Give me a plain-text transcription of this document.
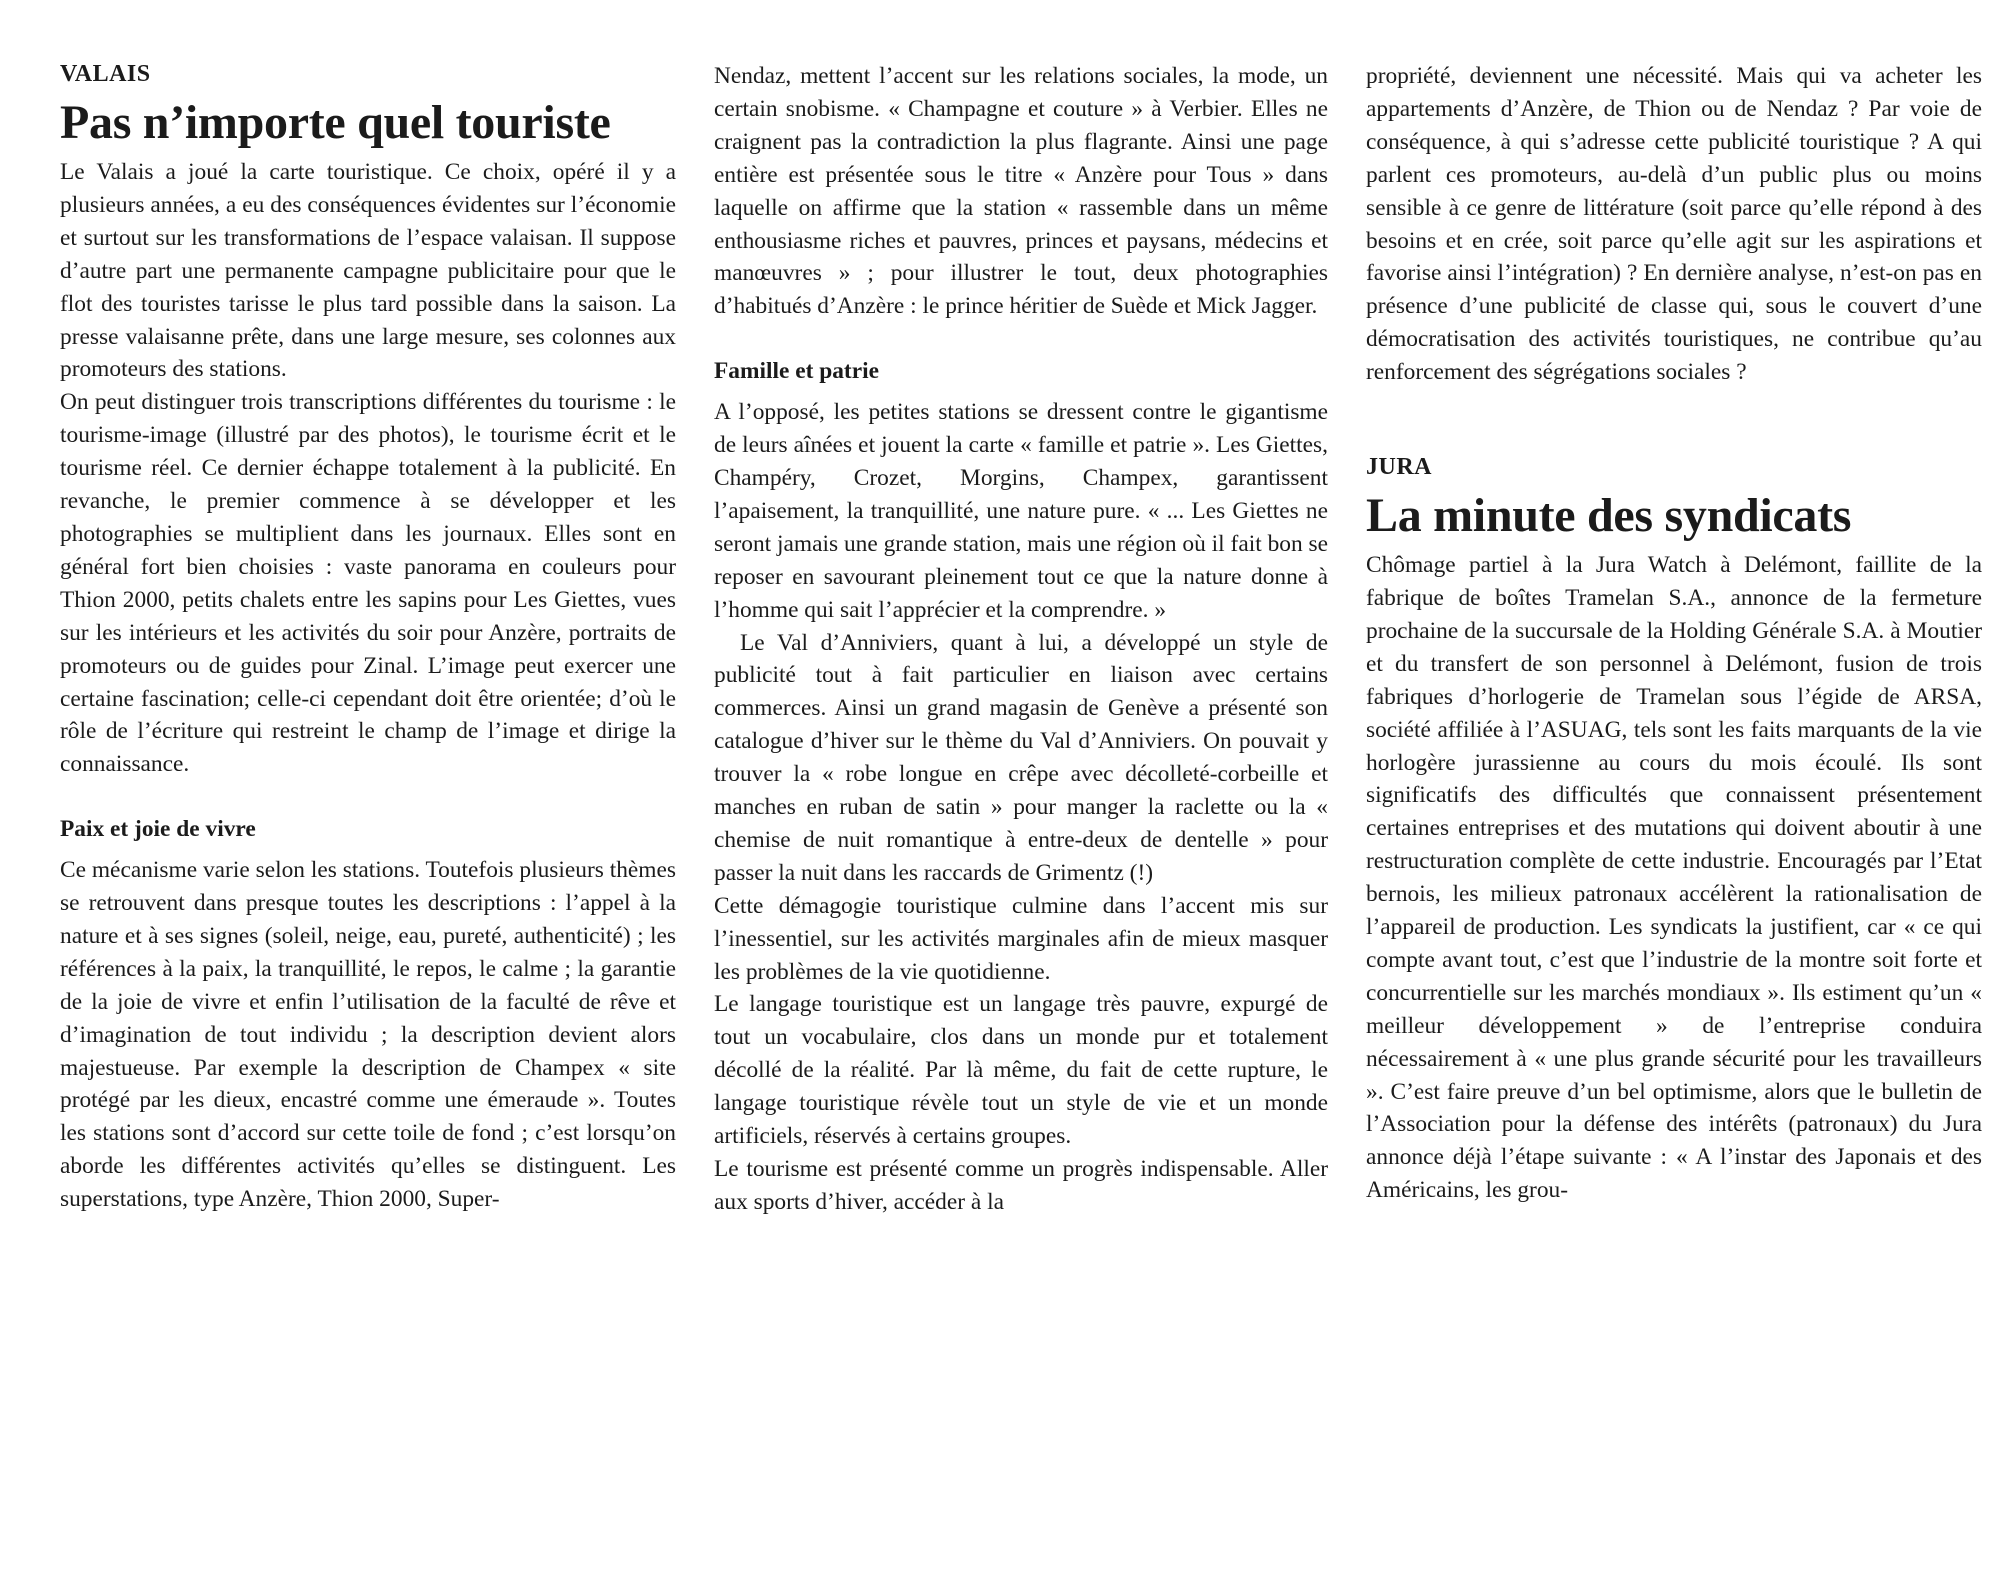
VALAIS
Pas n’importe quel touriste

Le Valais a joué la carte touristique. Ce choix, opéré il y a plusieurs années, a eu des conséquences évidentes sur l’économie et surtout sur les transformations de l’espace valaisan. Il suppose d’autre part une permanente campagne publicitaire pour que le flot des touristes tarisse le plus tard possible dans la saison. La presse valaisanne prête, dans une large mesure, ses colonnes aux promoteurs des stations.

On peut distinguer trois transcriptions différentes du tourisme : le tourisme-image (illustré par des photos), le tourisme écrit et le tourisme réel. Ce dernier échappe totalement à la publicité. En revanche, le premier commence à se développer et les photographies se multiplient dans les journaux. Elles sont en général fort bien choisies : vaste panorama en couleurs pour Thion 2000, petits chalets entre les sapins pour Les Giettes, vues sur les intérieurs et les activités du soir pour Anzère, portraits de promoteurs ou de guides pour Zinal. L’image peut exercer une certaine fascination; celle-ci cependant doit être orientée; d’où le rôle de l’écriture qui restreint le champ de l’image et dirige la connaissance.

Paix et joie de vivre

Ce mécanisme varie selon les stations. Toutefois plusieurs thèmes se retrouvent dans presque toutes les descriptions : l’appel à la nature et à ses signes (soleil, neige, eau, pureté, authenticité) ; les références à la paix, la tranquillité, le repos, le calme ; la garantie de la joie de vivre et enfin l’utilisation de la faculté de rêve et d’imagination de tout individu ; la description devient alors majestueuse. Par exemple la description de Champex « site protégé par les dieux, encastré comme une émeraude ». Toutes les stations sont d’accord sur cette toile de fond ; c’est lorsqu’on aborde les différentes activités qu’elles se distinguent. Les superstations, type Anzère, Thion 2000, Super-

Nendaz, mettent l’accent sur les relations sociales, la mode, un certain snobisme. « Champagne et couture » à Verbier. Elles ne craignent pas la contradiction la plus flagrante. Ainsi une page entière est présentée sous le titre « Anzère pour Tous » dans laquelle on affirme que la station « rassemble dans un même enthousiasme riches et pauvres, princes et paysans, médecins et manœuvres » ; pour illustrer le tout, deux photographies d’habitués d’Anzère : le prince héritier de Suède et Mick Jagger.

Famille et patrie

A l’opposé, les petites stations se dressent contre le gigantisme de leurs aînées et jouent la carte « famille et patrie ». Les Giettes, Champéry, Crozet, Morgins, Champex, garantissent l’apaisement, la tranquillité, une nature pure. « ... Les Giettes ne seront jamais une grande station, mais une région où il fait bon se reposer en savourant pleinement tout ce que la nature donne à l’homme qui sait l’apprécier et la comprendre. »

Le Val d’Anniviers, quant à lui, a développé un style de publicité tout à fait particulier en liaison avec certains commerces. Ainsi un grand magasin de Genève a présenté son catalogue d’hiver sur le thème du Val d’Anniviers. On pouvait y trouver la « robe longue en crêpe avec décolleté-corbeille et manches en ruban de satin » pour manger la raclette ou la « chemise de nuit romantique à entre-deux de dentelle » pour passer la nuit dans les raccards de Grimentz (!)

Cette démagogie touristique culmine dans l’accent mis sur l’inessentiel, sur les activités marginales afin de mieux masquer les problèmes de la vie quotidienne.

Le langage touristique est un langage très pauvre, expurgé de tout un vocabulaire, clos dans un monde pur et totalement décollé de la réalité. Par là même, du fait de cette rupture, le langage touristique révèle tout un style de vie et un monde artificiels, réservés à certains groupes.

Le tourisme est présenté comme un progrès indispensable. Aller aux sports d’hiver, accéder à la

propriété, deviennent une nécessité. Mais qui va acheter les appartements d’Anzère, de Thion ou de Nendaz ? Par voie de conséquence, à qui s’adresse cette publicité touristique ? A qui parlent ces promoteurs, au-delà d’un public plus ou moins sensible à ce genre de littérature (soit parce qu’elle répond à des besoins et en crée, soit parce qu’elle agit sur les aspirations et favorise ainsi l’intégration) ? En dernière analyse, n’est-on pas en présence d’une publicité de classe qui, sous le couvert d’une démocratisation des activités touristiques, ne contribue qu’au renforcement des ségrégations sociales ?

JURA
La minute des syndicats

Chômage partiel à la Jura Watch à Delémont, faillite de la fabrique de boîtes Tramelan S.A., annonce de la fermeture prochaine de la succursale de la Holding Générale S.A. à Moutier et du transfert de son personnel à Delémont, fusion de trois fabriques d’horlogerie de Tramelan sous l’égide de ARSA, société affiliée à l’ASUAG, tels sont les faits marquants de la vie horlogère jurassienne au cours du mois écoulé. Ils sont significatifs des difficultés que connaissent présentement certaines entreprises et des mutations qui doivent aboutir à une restructuration complète de cette industrie. Encouragés par l’Etat bernois, les milieux patronaux accélèrent la rationalisation de l’appareil de production. Les syndicats la justifient, car « ce qui compte avant tout, c’est que l’industrie de la montre soit forte et concurrentielle sur les marchés mondiaux ». Ils estiment qu’un « meilleur développement » de l’entreprise conduira nécessairement à « une plus grande sécurité pour les travailleurs ». C’est faire preuve d’un bel optimisme, alors que le bulletin de l’Association pour la défense des intérêts (patronaux) du Jura annonce déjà l’étape suivante : « A l’instar des Japonais et des Américains, les grou-
